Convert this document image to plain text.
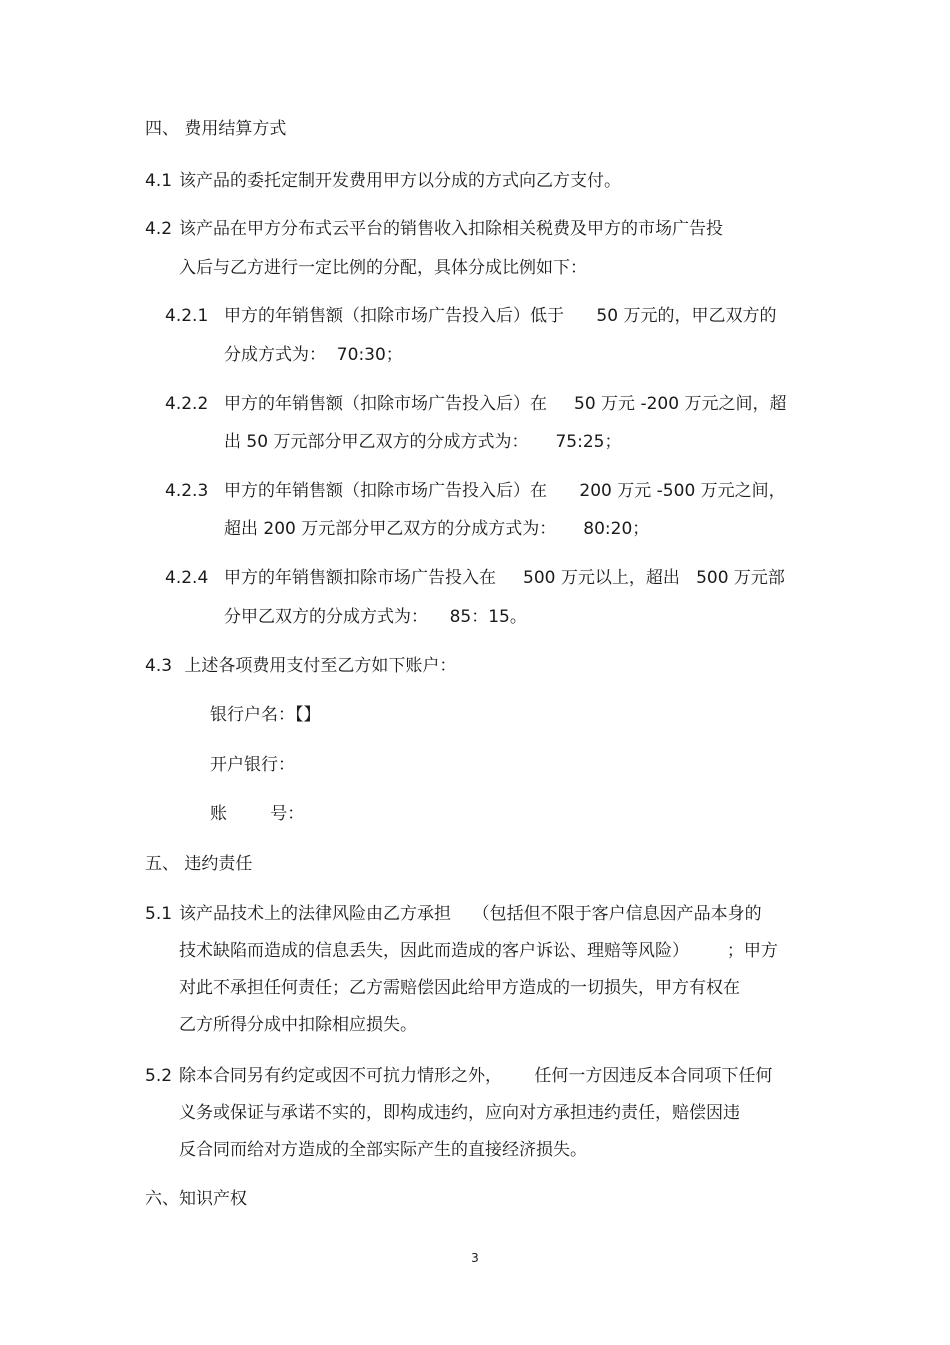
四、 费用结算方式
4.1 该产品的委托定制开发费用甲方以分成的方式向乙方支付。
4.2 该产品在甲方分布式云平台的销售收入扣除相关税费及甲方的市场广告投
入后与乙方进行一定比例的分配，具体分成比例如下：
4.2.1 甲方的年销售额（扣除市场广告投入后）低于      50 万元的，甲乙双方的
分成方式为：  70:30；
4.2.2 甲方的年销售额（扣除市场广告投入后）在     50 万元 -200 万元之间，超
出 50 万元部分甲乙双方的分成方式为：     75:25；
4.2.3 甲方的年销售额（扣除市场广告投入后）在      200 万元 -500 万元之间，
超出 200 万元部分甲乙双方的分成方式为：     80:20；
4.2.4 甲方的年销售额扣除市场广告投入在     500 万元以上，超出   500 万元部
分甲乙双方的分成方式为：    85：15。
4.3 上述各项费用支付至乙方如下账户：
银行户名：【】
开户银行：
账        号：
五、 违约责任
5.1 该产品技术上的法律风险由乙方承担    （包括但不限于客户信息因产品本身的
技术缺陷而造成的信息丢失，因此而造成的客户诉讼、理赔等风险）       ；甲方
对此不承担任何责任；乙方需赔偿因此给甲方造成的一切损失，甲方有权在
乙方所得分成中扣除相应损失。
5.2 除本合同另有约定或因不可抗力情形之外，      任何一方因违反本合同项下任何
义务或保证与承诺不实的，即构成违约，应向对方承担违约责任，赔偿因违
反合同而给对方造成的全部实际产生的直接经济损失。
六、知识产权
3
